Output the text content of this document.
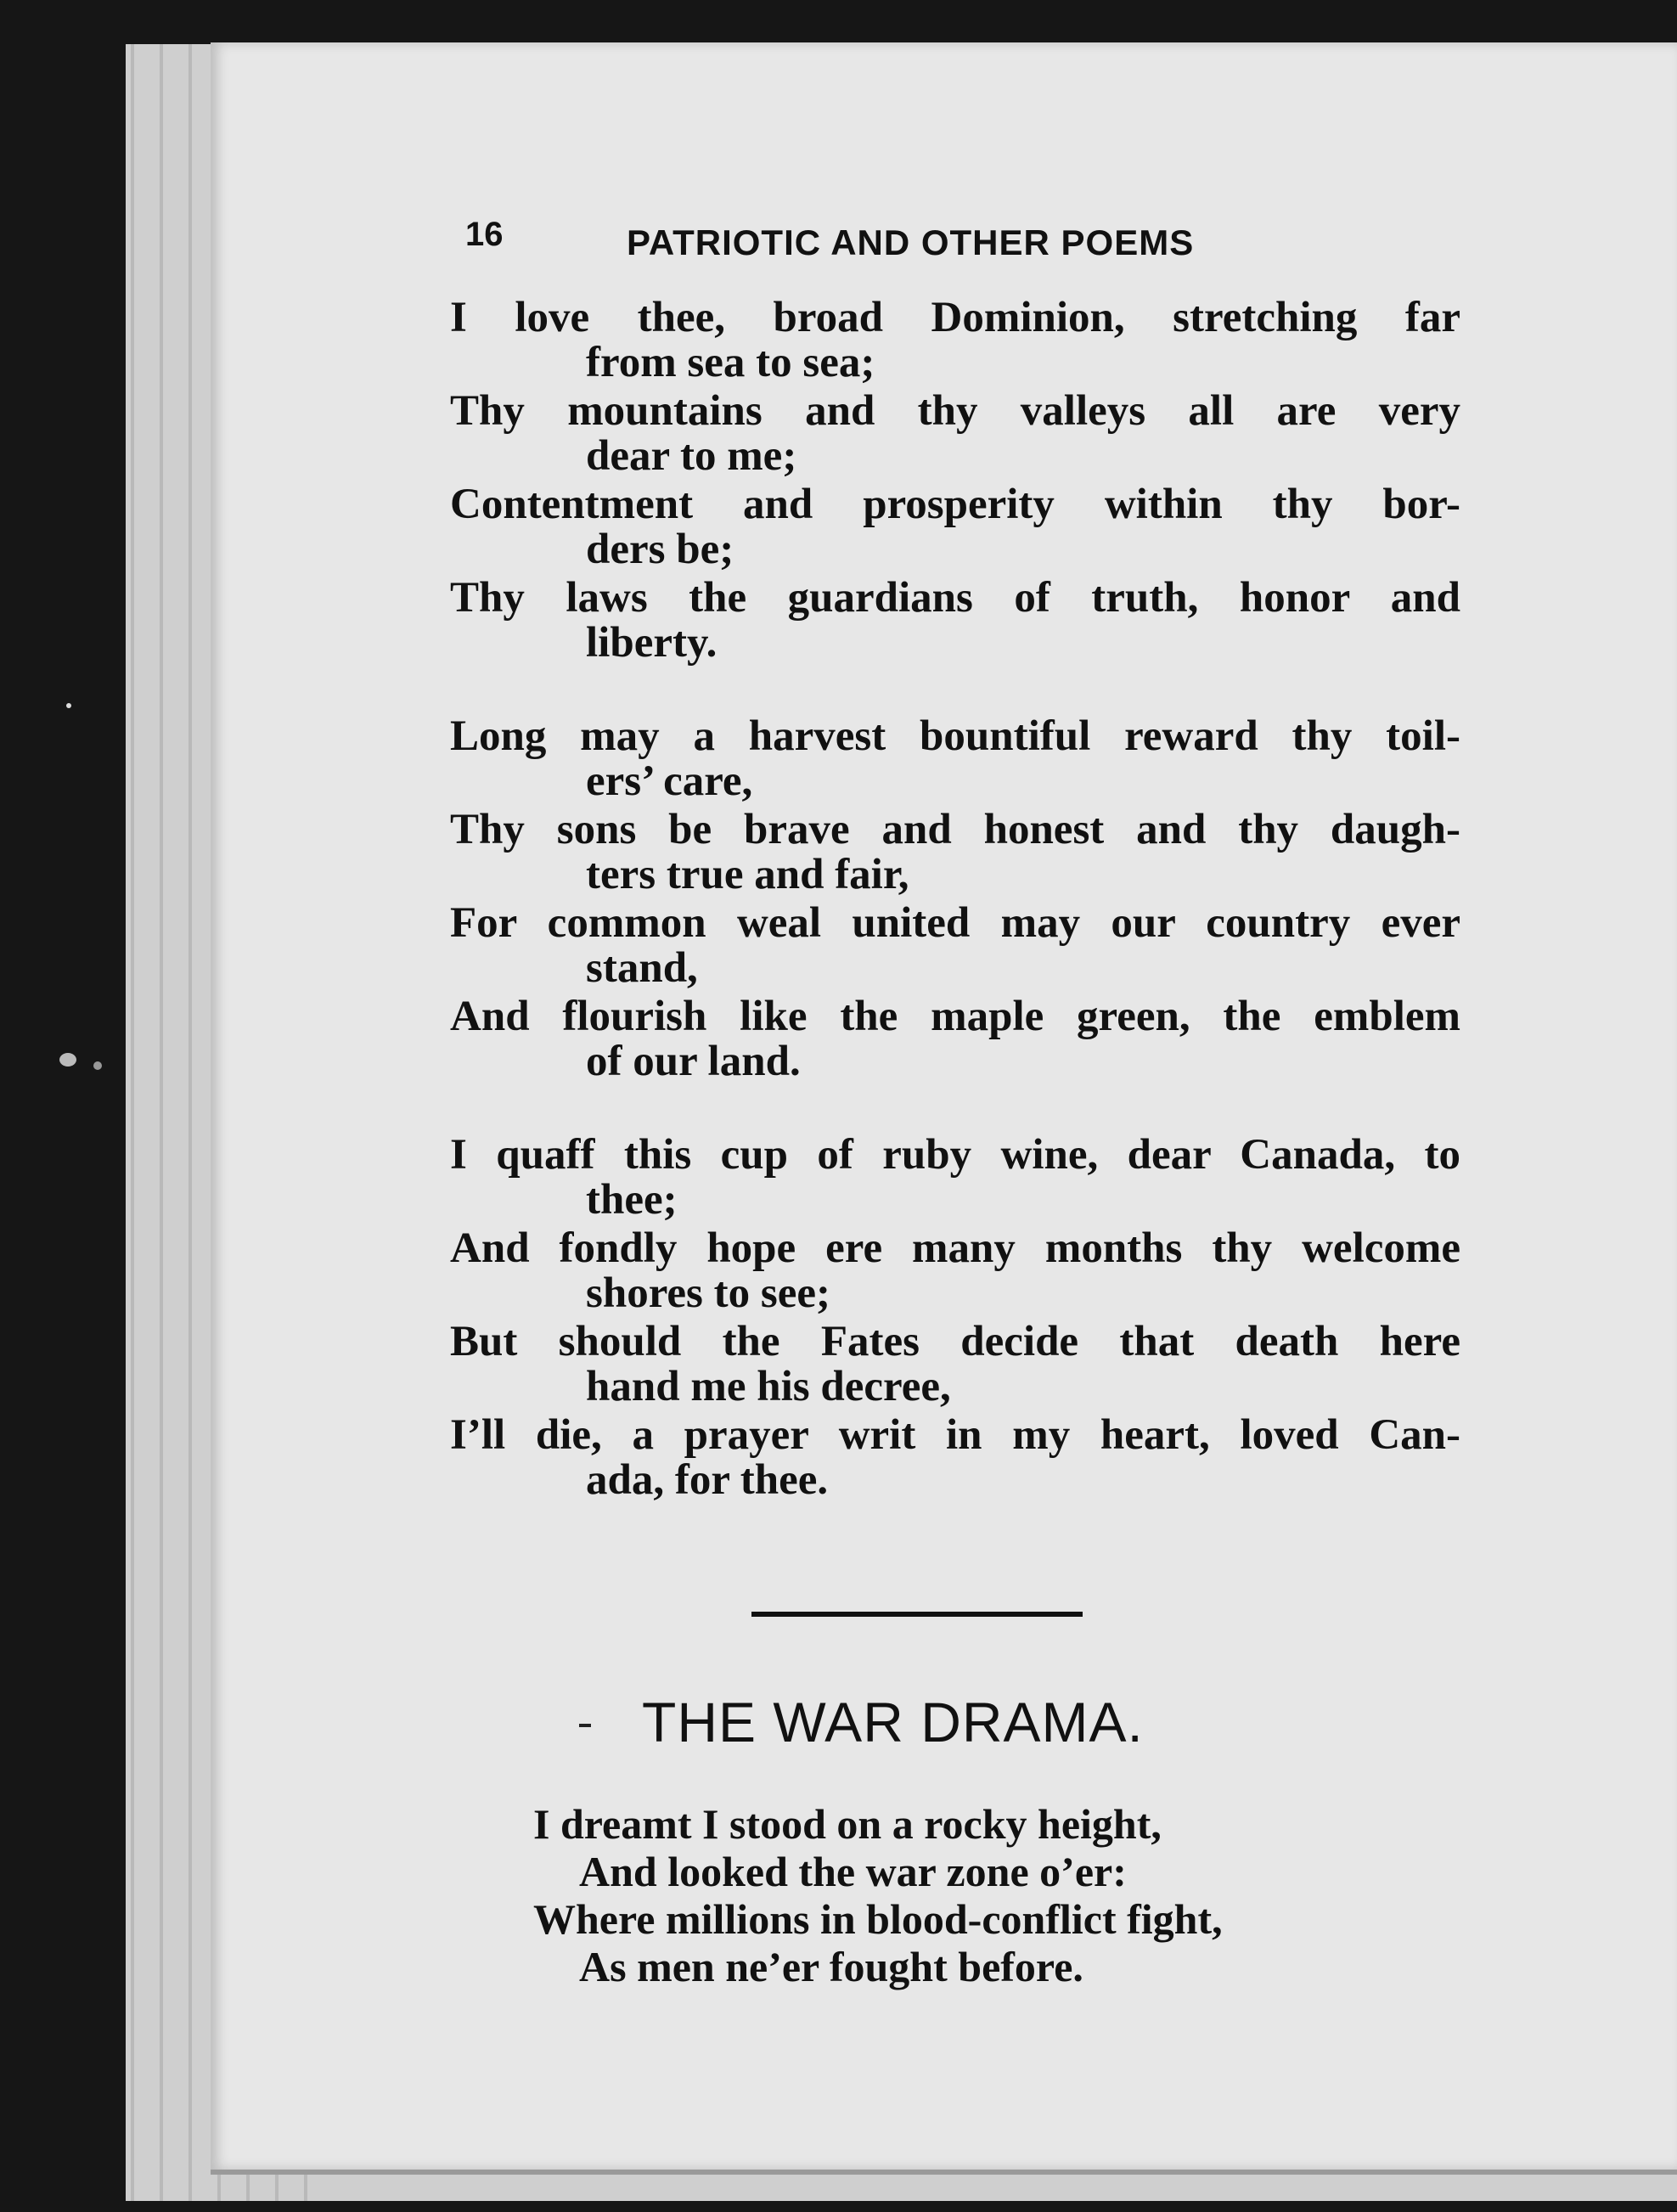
16	PATRIOTIC AND OTHER POEMS
I love thee, broad Dominion, stretching far
from sea to sea;
Thy mountains and thy valleys all are very
dear to me;
Contentment and prosperity within thy bor-
ders be;
Thy laws the guardians of truth, honor and
liberty.
Long may a harvest bountiful reward thy toil-
ers’ care,
Thy sons be brave and honest and thy daugh-
ters true and fair,
For common weal united may our country ever
stand,
And flourish like the maple green, the emblem
of our land.
I quaff this cup of ruby wine, dear Canada, to
thee;
And fondly hope ere many months thy welcome
shores to see;
But should the Fates decide that death here
hand me his decree,
I’ll die, a prayer writ in my heart, loved Can-
ada, for thee.
THE WAR DRAMA.
I dreamt I stood on a rocky height,
And looked the war zone o’er:
Where millions in blood-conflict fight,
As men ne’er fought before.
